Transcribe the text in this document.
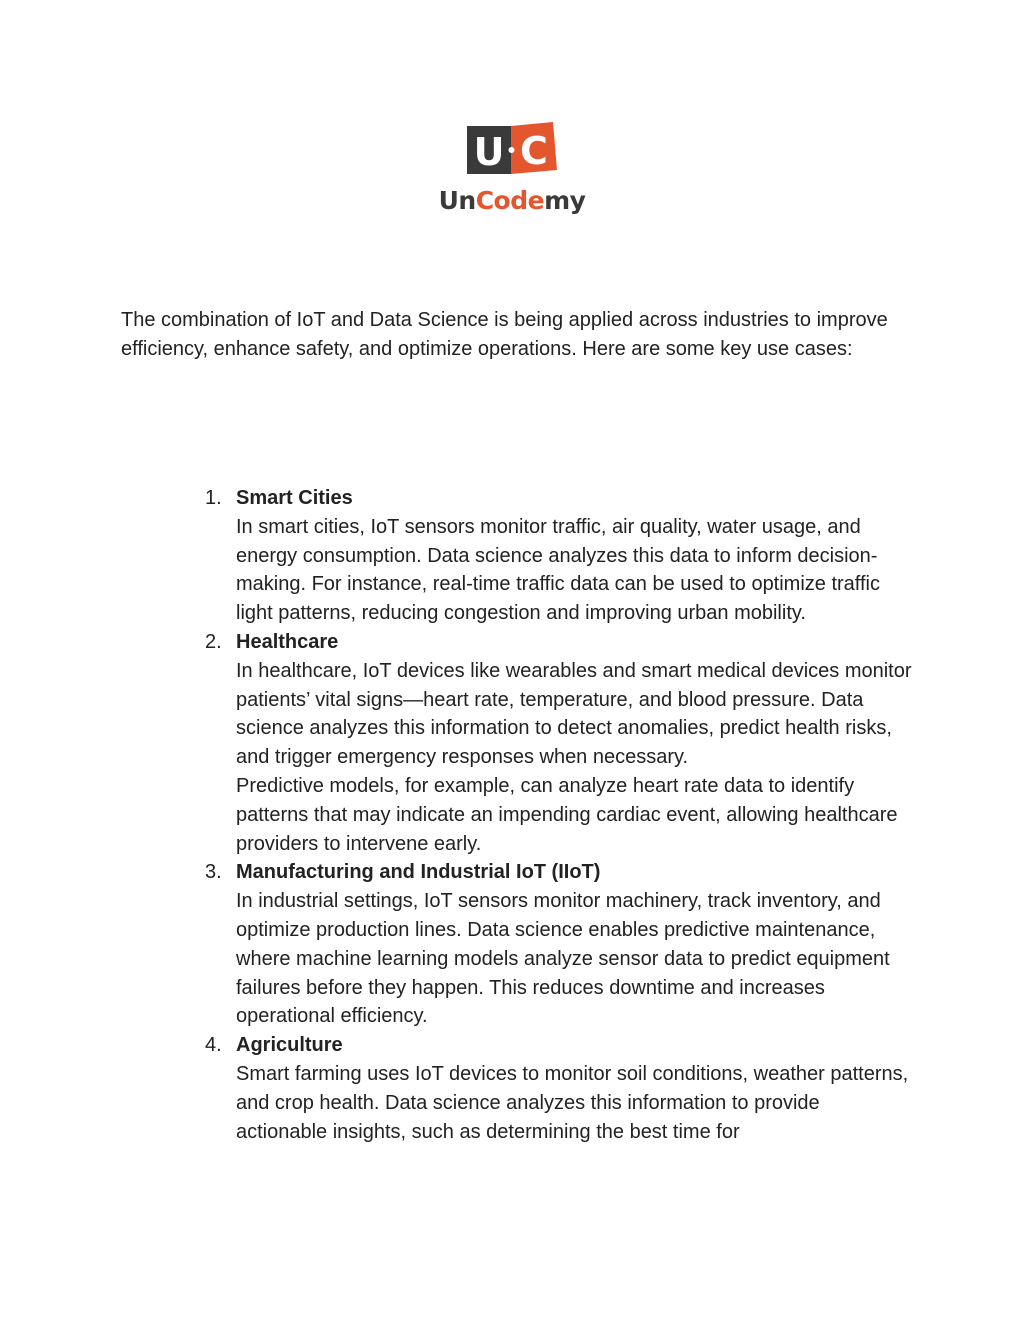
U C
UnCodemy

The combination of IoT and Data Science is being applied across industries to improve efficiency, enhance safety, and optimize operations. Here are some key use cases:

1. Smart Cities
In smart cities, IoT sensors monitor traffic, air quality, water usage, and energy consumption. Data science analyzes this data to inform decision-making. For instance, real-time traffic data can be used to optimize traffic light patterns, reducing congestion and improving urban mobility.
2. Healthcare
In healthcare, IoT devices like wearables and smart medical devices monitor patients’ vital signs—heart rate, temperature, and blood pressure. Data science analyzes this information to detect anomalies, predict health risks, and trigger emergency responses when necessary.
Predictive models, for example, can analyze heart rate data to identify patterns that may indicate an impending cardiac event, allowing healthcare providers to intervene early.
3. Manufacturing and Industrial IoT (IIoT)
In industrial settings, IoT sensors monitor machinery, track inventory, and optimize production lines. Data science enables predictive maintenance, where machine learning models analyze sensor data to predict equipment failures before they happen. This reduces downtime and increases operational efficiency.
4. Agriculture
Smart farming uses IoT devices to monitor soil conditions, weather patterns, and crop health. Data science analyzes this information to provide actionable insights, such as determining the best time for
